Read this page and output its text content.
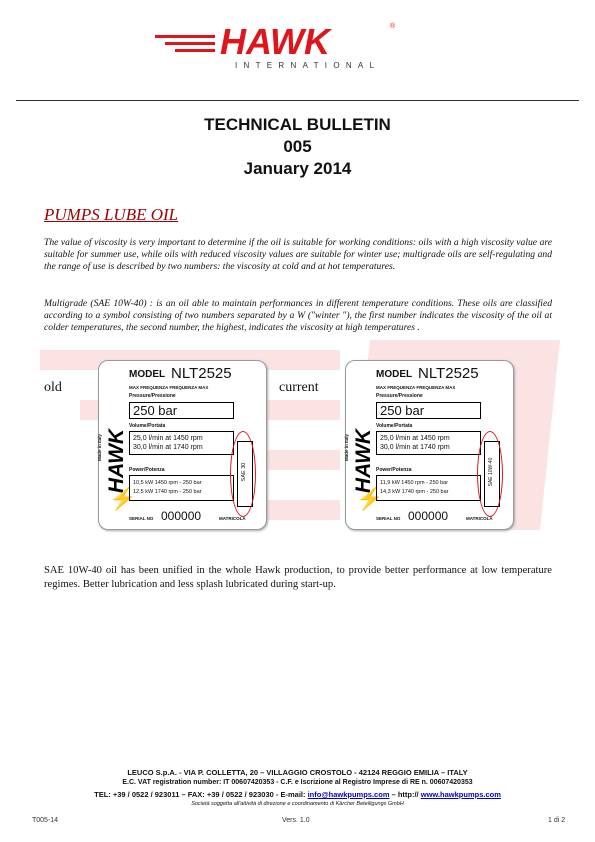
HAWK	®
INTERNATIONAL
TECHNICAL BULLETIN
005
January 2014
PUMPS LUBE OIL
The value of viscosity is very important to determine if the oil is suitable for working conditions: oils with a high viscosity value are suitable for summer use, while oils with reduced viscosity values are suitable for winter use; multigrade oils are self-regulating and the range of use is described by two numbers: the viscosity at cold and at hot temperatures.
Multigrade (SAE 10W-40) : is an oil able to maintain performances in different temperature conditions. These oils are classified according to a symbol consisting of two numbers separated by a W ("winter "), the first number indicates the viscosity of the oil at colder temperatures, the second number, the highest, indicates the viscosity at high temperatures .
old	current
Made in Italy HAWK
⚡
MODEL NLT2525
MAX FREQUENZA FREQUENZA MAX
Pressure/Pressione
250 bar
Volume/Portata
25,0 l/min at 1450 rpm
30,0 l/min at 1740 rpm
Power/Potenza
10,5 kW 1450 rpm - 250 bar
12,5 kW 1740 rpm - 250 bar
SAE 30
SERIAL NO 000000	MATRICOLA
Made in Italy HAWK
⚡
MODEL NLT2525
MAX FREQUENZA FREQUENZA MAX
Pressure/Pressione
250 bar
Volume/Portata
25,0 l/min at 1450 rpm
30,0 l/min at 1740 rpm
Power/Potenza
11,9 kW 1450 rpm - 250 bar
14,3 kW 1740 rpm - 250 bar
SAE 10W-40
SERIAL NO 000000	MATRICOLA
SAE 10W-40 oil has been unified in the whole Hawk production, to provide better performance at low temperature regimes. Better lubrication and less splash lubricated during start-up.
LEUCO S.p.A. - VIA P. COLLETTA, 20 – VILLAGGIO CROSTOLO - 42124 REGGIO EMILIA – ITALY
E.C. VAT registration number: IT 00607420353 - C.F. e Iscrizione al Registro Imprese di RE n. 00607420353
TEL: +39 / 0522 / 923011 – FAX: +39 / 0522 / 923030 - E-mail: info@hawkpumps.com – http:// www.hawkpumps.com
Società soggetta all'attività di direzione e coordinamento di Kärcher Beteiligungs GmbH
T005-14	Vers. 1.0	1 di 2
